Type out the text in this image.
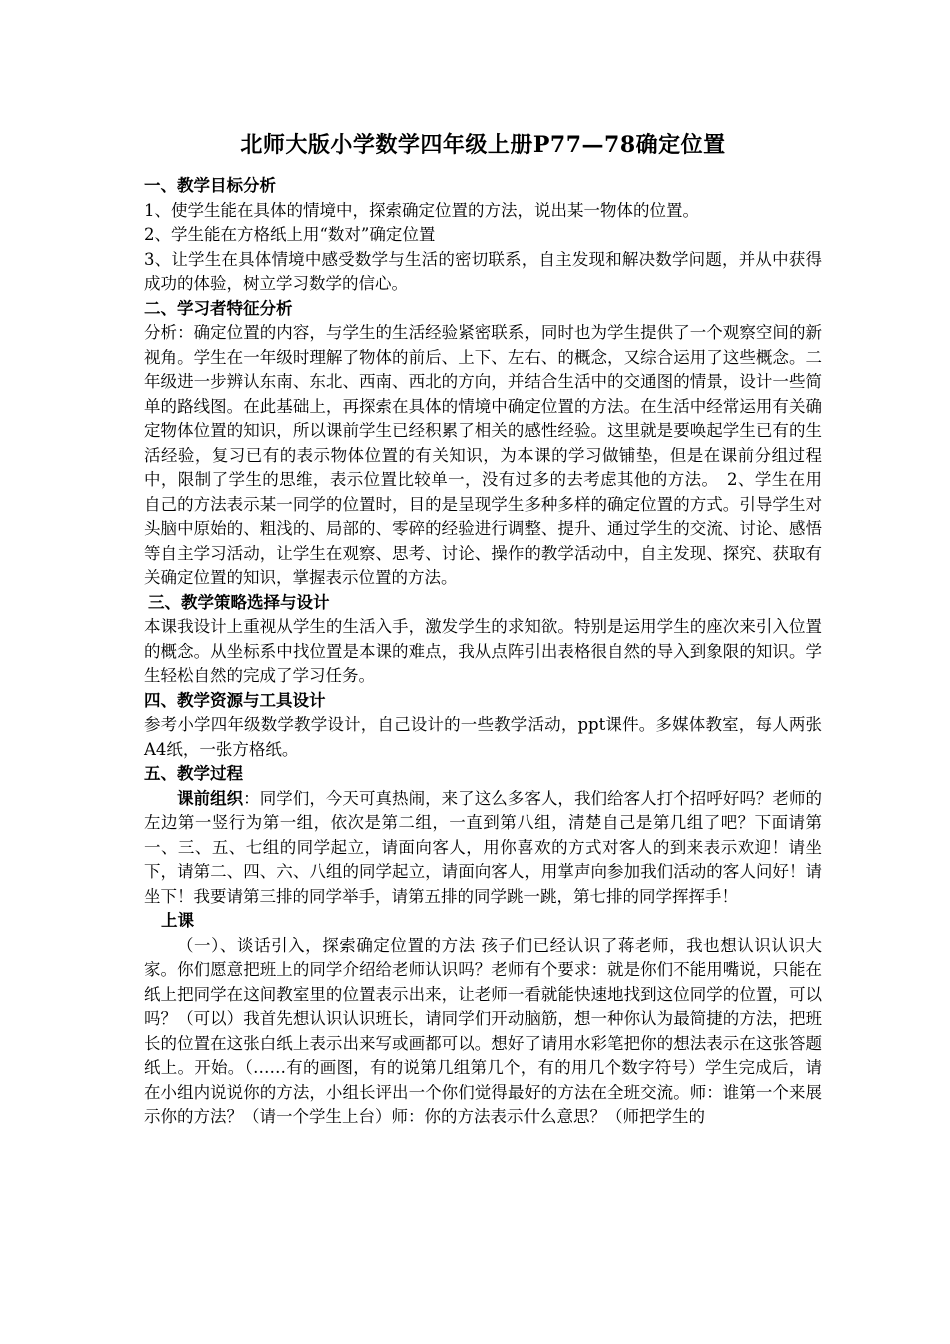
北师大版小学数学四年级上册P77—78确定位置
一、教学目标分析

1、使学生能在具体的情境中，探索确定位置的方法，说出某一物体的位置。

2、学生能在方格纸上用“数对”确定位置

3、让学生在具体情境中感受数学与生活的密切联系，自主发现和解决数学问题，并从中获得成功的体验，树立学习数学的信心。

二、学习者特征分析

分析：确定位置的内容，与学生的生活经验紧密联系，同时也为学生提供了一个观察空间的新视角。学生在一年级时理解了物体的前后、上下、左右、的概念，又综合运用了这些概念。二年级进一步辨认东南、东北、西南、西北的方向，并结合生活中的交通图的情景，设计一些简单的路线图。在此基础上，再探索在具体的情境中确定位置的方法。在生活中经常运用有关确定物体位置的知识，所以课前学生已经积累了相关的感性经验。这里就是要唤起学生已有的生活经验，复习已有的表示物体位置的有关知识，为本课的学习做铺垫，但是在课前分组过程中，限制了学生的思维，表示位置比较单一，没有过多的去考虑其他的方法。　2、学生在用自己的方法表示某一同学的位置时，目的是呈现学生多种多样的确定位置的方式。引导学生对头脑中原始的、粗浅的、局部的、零碎的经验进行调整、提升、通过学生的交流、讨论、感悟等自主学习活动，让学生在观察、思考、讨论、操作的教学活动中，自主发现、探究、获取有关确定位置的知识，掌握表示位置的方法。

三、教学策略选择与设计

本课我设计上重视从学生的生活入手，激发学生的求知欲。特别是运用学生的座次来引入位置的概念。从坐标系中找位置是本课的难点，我从点阵引出表格很自然的导入到象限的知识。学生轻松自然的完成了学习任务。

四、教学资源与工具设计

参考小学四年级数学教学设计，自己设计的一些教学活动，ppt课件。多媒体教室，每人两张A4纸，一张方格纸。

五、教学过程

课前组织：同学们，今天可真热闹，来了这么多客人，我们给客人打个招呼好吗？老师的左边第一竖行为第一组，依次是第二组，一直到第八组，清楚自己是第几组了吧？下面请第一、三、五、七组的同学起立，请面向客人，用你喜欢的方式对客人的到来表示欢迎！请坐下，请第二、四、六、八组的同学起立，请面向客人，用掌声向参加我们活动的客人问好！请坐下！我要请第三排的同学举手，请第五排的同学跳一跳，第七排的同学挥挥手！

上课

（一）、谈话引入，探索确定位置的方法 孩子们已经认识了蒋老师，我也想认识认识大家。你们愿意把班上的同学介绍给老师认识吗？老师有个要求：就是你们不能用嘴说，只能在纸上把同学在这间教室里的位置表示出来，让老师一看就能快速地找到这位同学的位置，可以吗？（可以）我首先想认识认识班长，请同学们开动脑筋，想一种你认为最简捷的方法，把班长的位置在这张白纸上表示出来写或画都可以。想好了请用水彩笔把你的想法表示在这张答题纸上。开始。（……有的画图，有的说第几组第几个，有的用几个数字符号）学生完成后，请在小组内说说你的方法，小组长评出一个你们觉得最好的方法在全班交流。师：谁第一个来展示你的方法？（请一个学生上台）师：你的方法表示什么意思？（师把学生的
